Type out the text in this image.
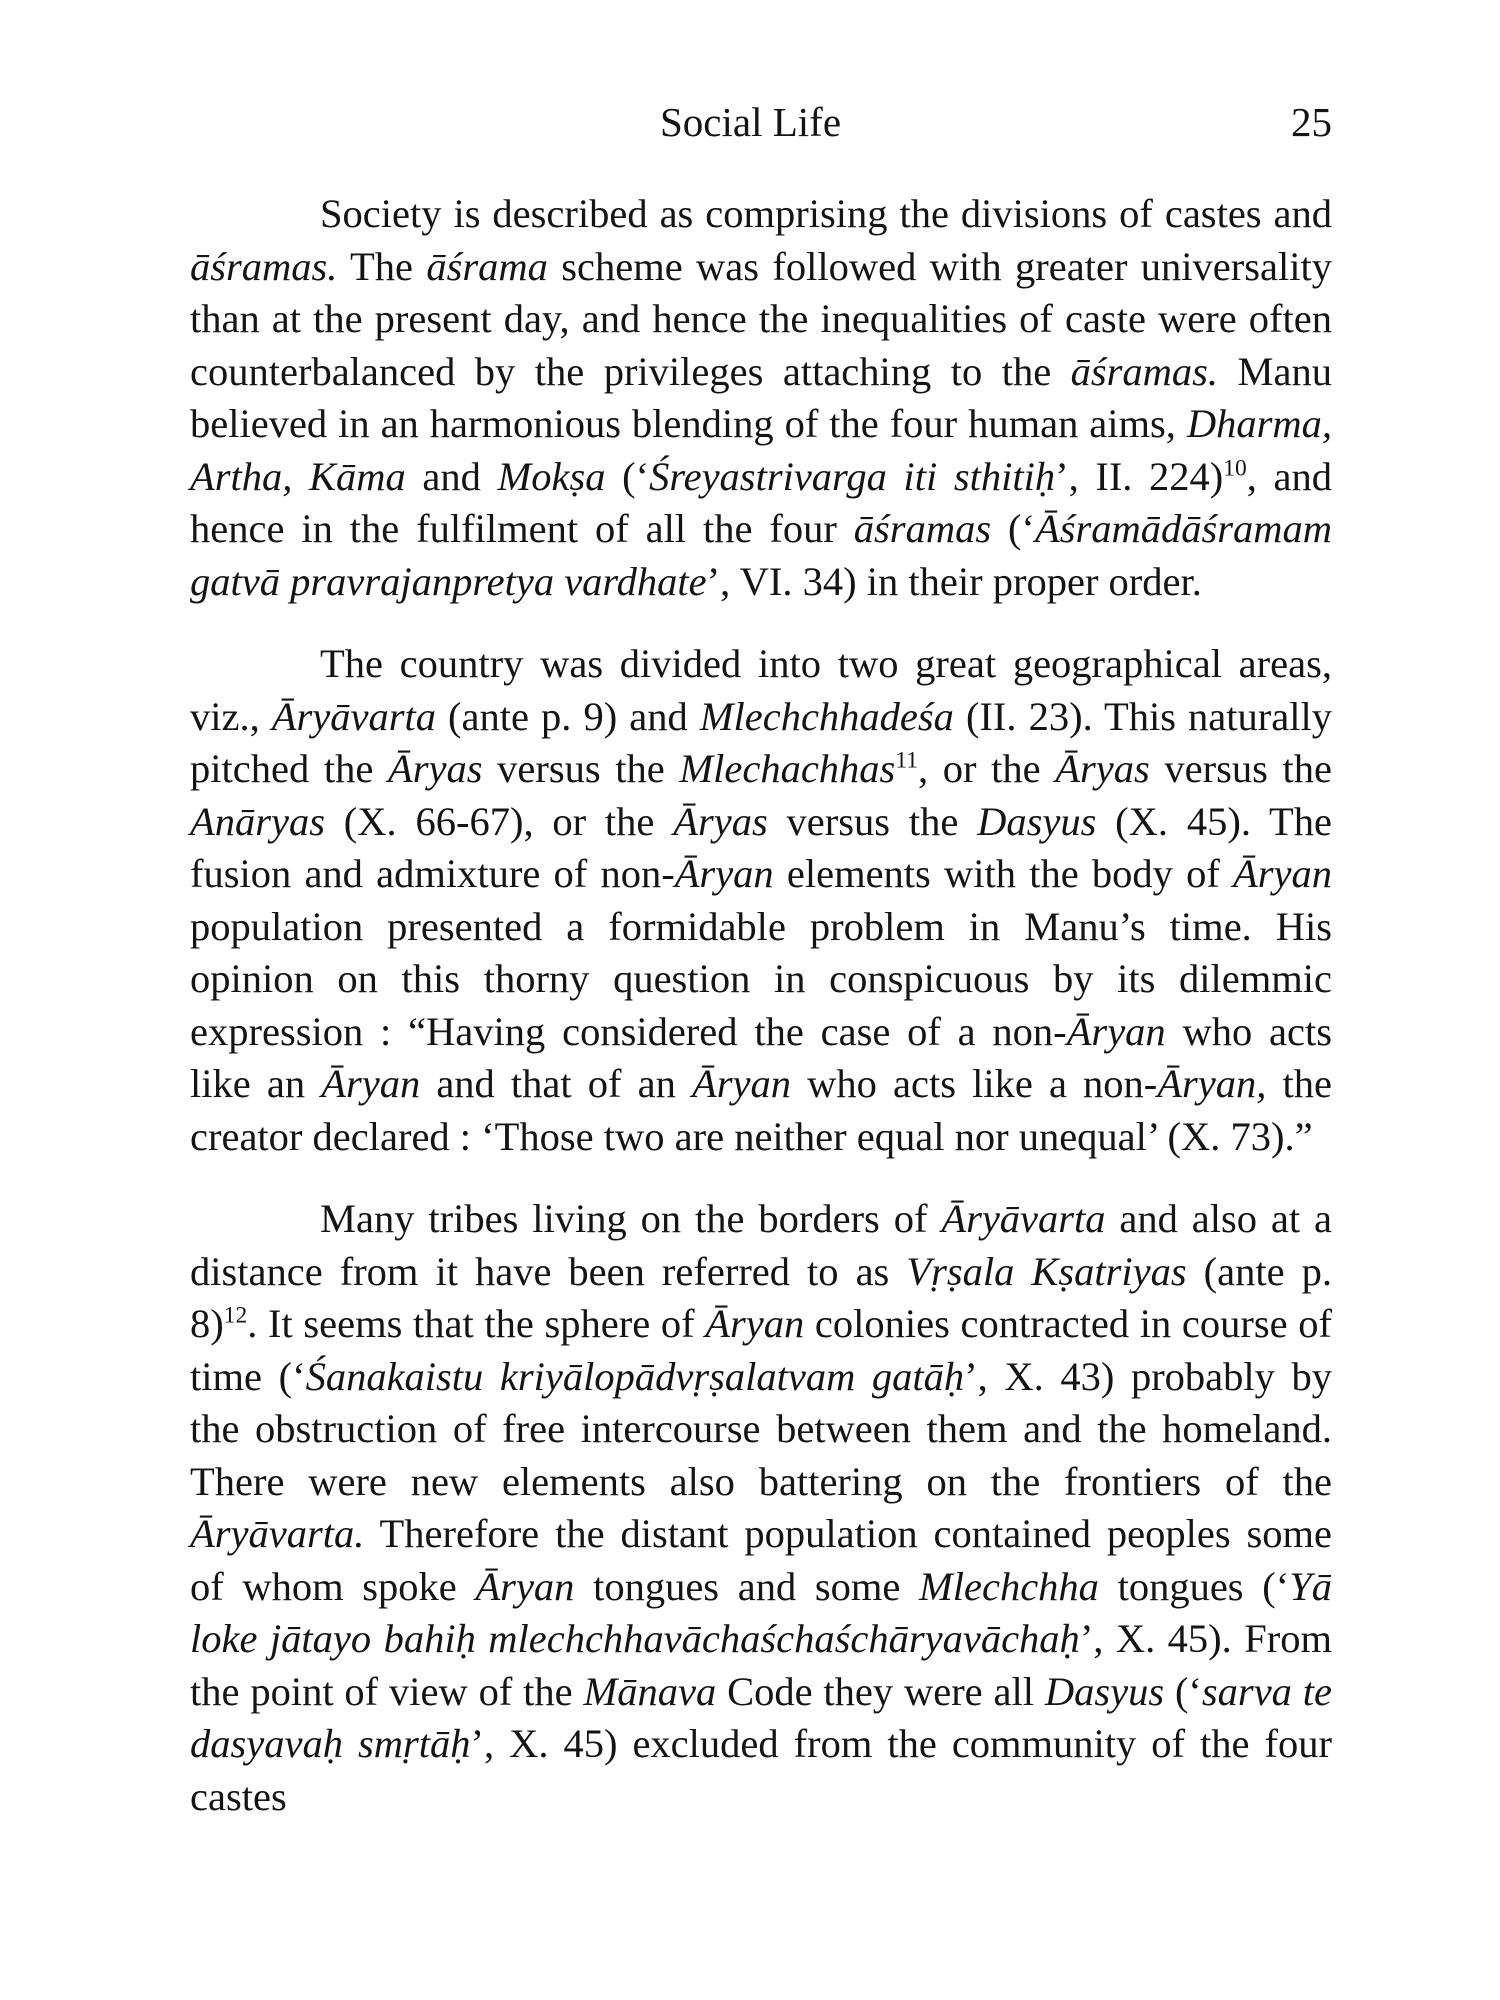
Social Life	25

Society is described as comprising the divisions of castes and āśramas. The āśrama scheme was followed with greater universality than at the present day, and hence the inequalities of caste were often counterbalanced by the privileges attaching to the āśramas. Manu believed in an harmonious blending of the four human aims, Dharma, Artha, Kāma and Mokṣa (‘Śreyastrivarga iti sthitiḥ’, II. 224)$^{10}$, and hence in the fulfilment of all the four āśramas (‘Āśramādāśramam gatvā pravrajanpretya vardhate’, VI. 34) in their proper order.

The country was divided into two great geographical areas, viz., Āryāvarta (ante p. 9) and Mlechchhadeśa (II. 23). This naturally pitched the Āryas versus the Mlechachhas$^{11}$, or the Āryas versus the Anāryas (X. 66-67), or the Āryas versus the Dasyus (X. 45). The fusion and admixture of non-Āryan elements with the body of Āryan population presented a formidable problem in Manu’s time. His opinion on this thorny question in conspicuous by its dilemmic expression : “Having considered the case of a non-Āryan who acts like an Āryan and that of an Āryan who acts like a non-Āryan, the creator declared : ‘Those two are neither equal nor unequal’ (X. 73).”

Many tribes living on the borders of Āryāvarta and also at a distance from it have been referred to as Vṛṣala Kṣatriyas (ante p. 8)$^{12}$. It seems that the sphere of Āryan colonies contracted in course of time (‘Śanakaistu kriyālopādvṛṣalatvam gatāḥ’, X. 43) probably by the obstruction of free intercourse between them and the homeland. There were new elements also battering on the frontiers of the Āryāvarta. Therefore the distant population contained peoples some of whom spoke Āryan tongues and some Mlechchha tongues (‘Yā loke jātayo bahiḥ mlechchhavāchaśchaśchāryavāchaḥ’, X. 45). From the point of view of the Mānava Code they were all Dasyus (‘sarva te dasyavaḥ smṛtāḥ’, X. 45) excluded from the community of the four castes
